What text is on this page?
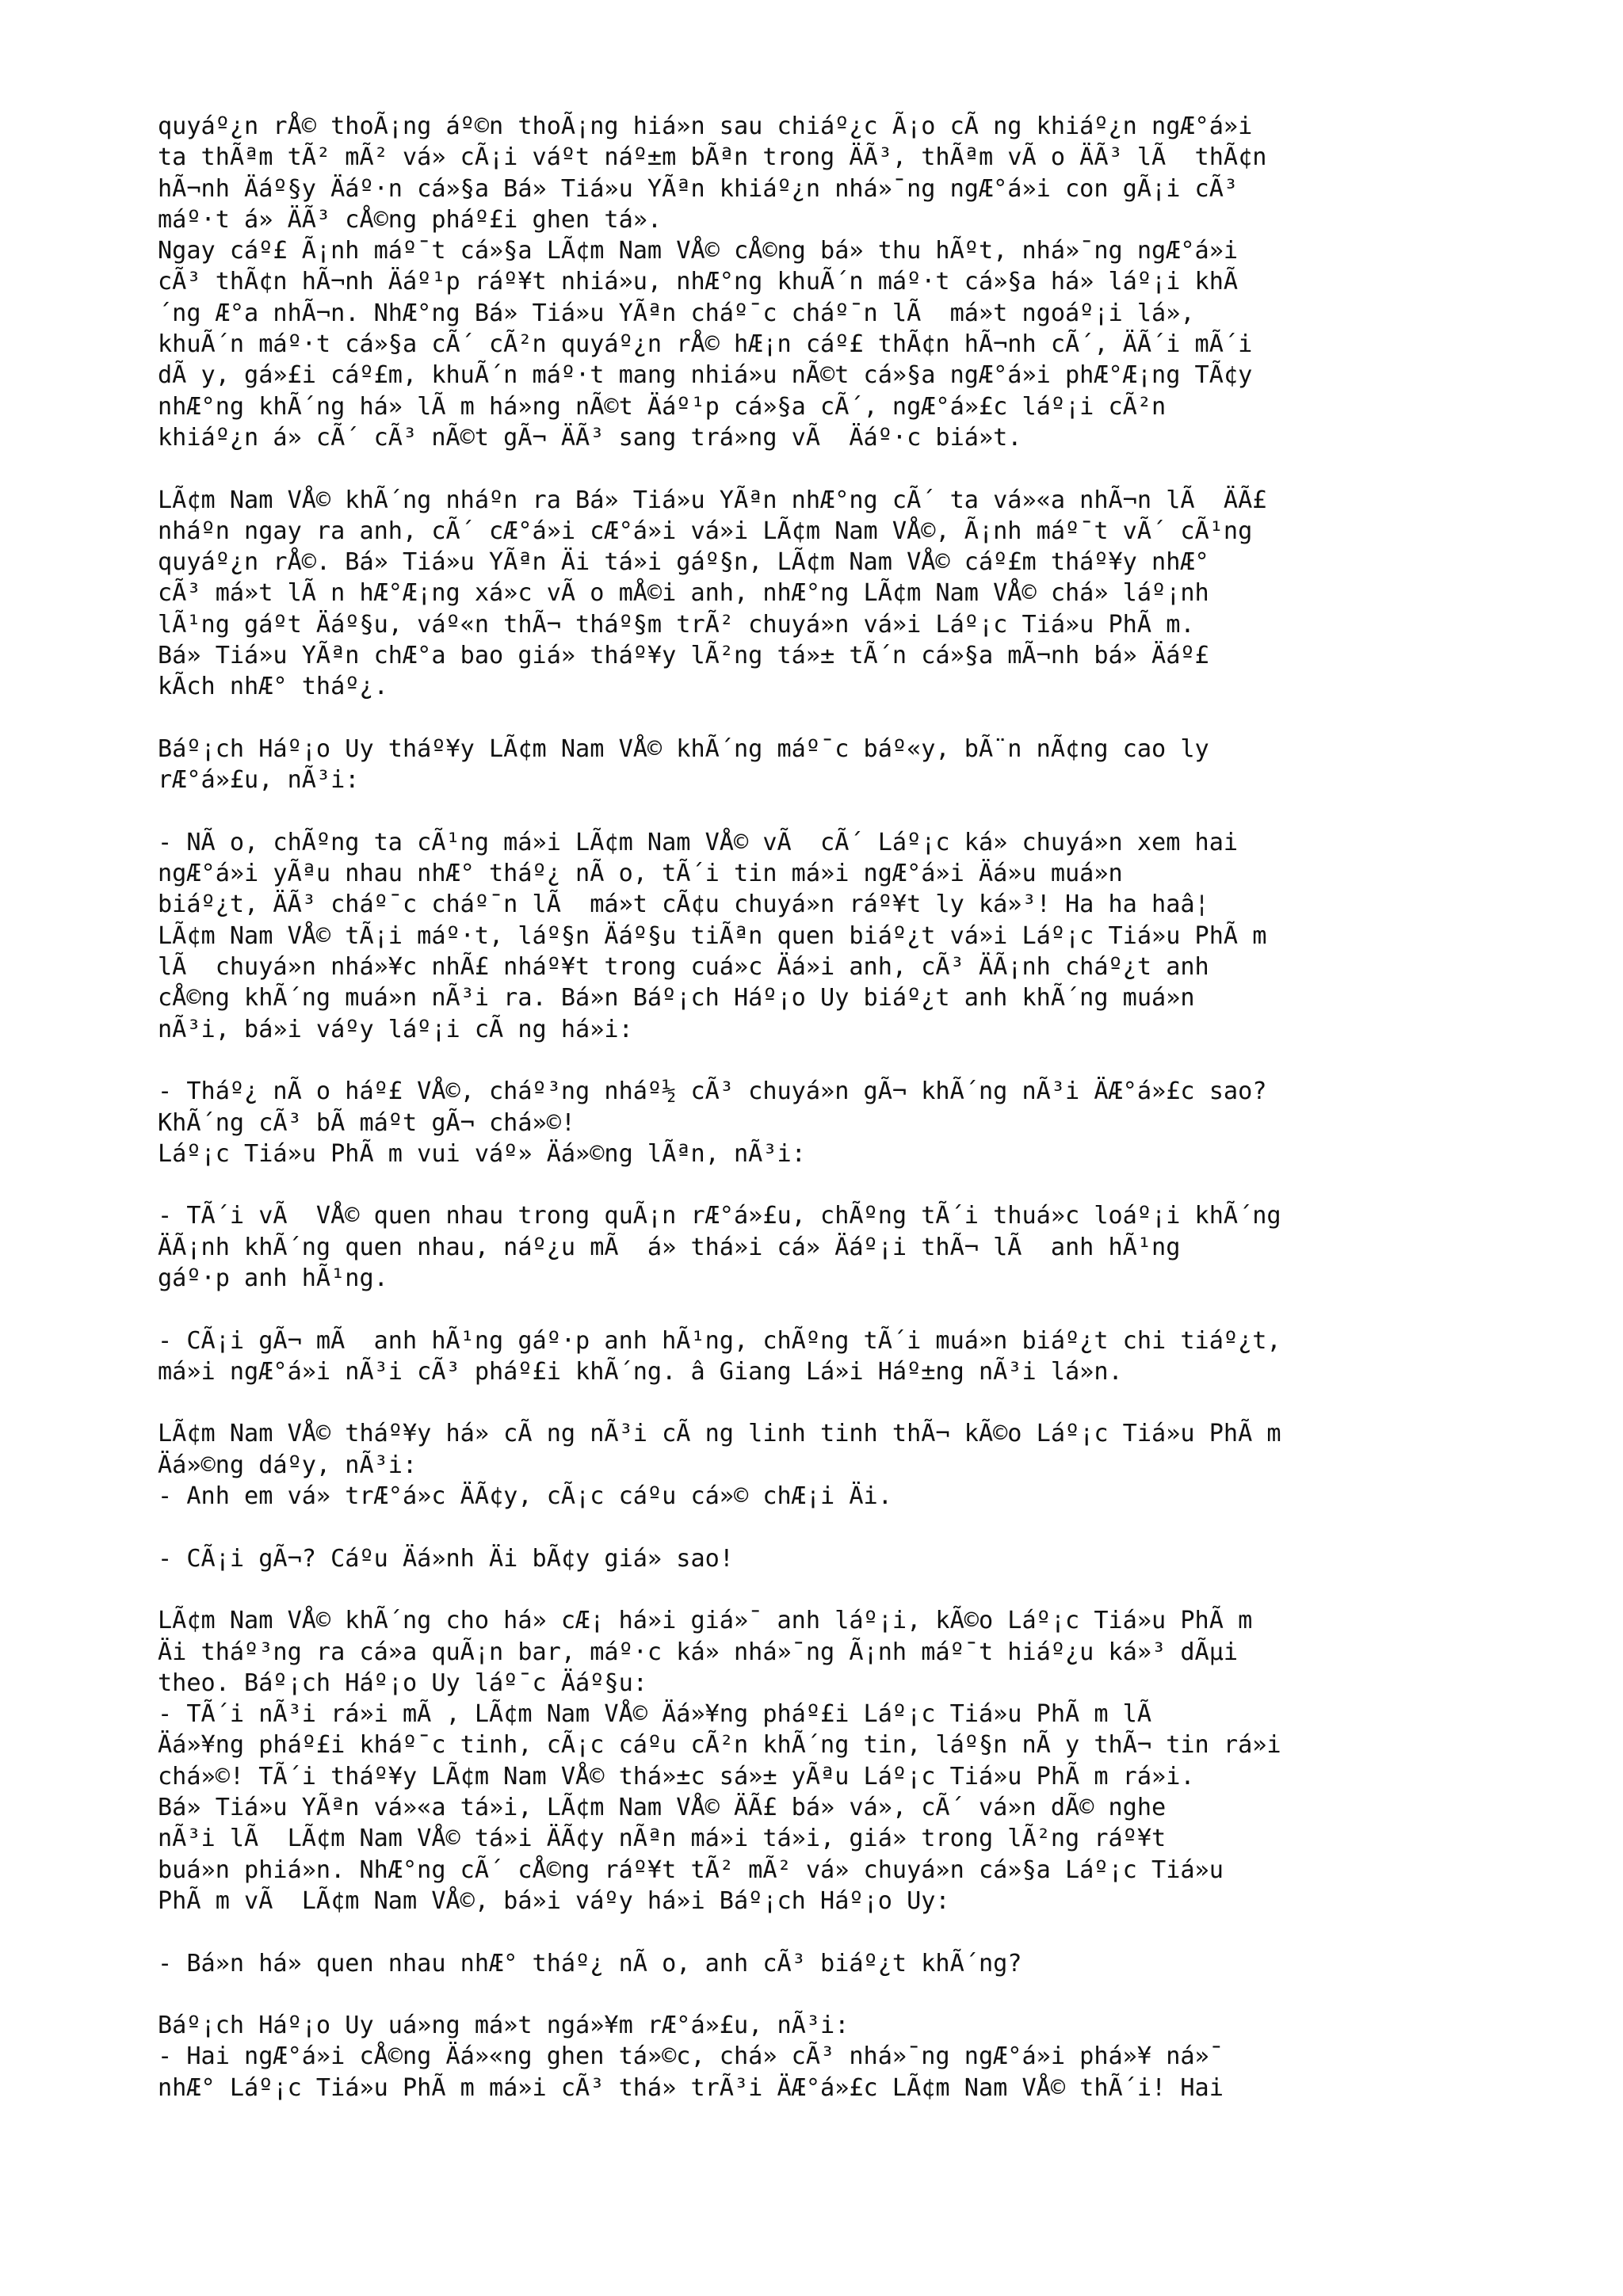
quyáº¿n rÅ© thoÃ¡ng áº©n thoÃ¡ng hiá»n sau chiáº¿c Ã¡o cÃ ng khiáº¿n ngÆ°á»i
ta thÃªm tÃ² mÃ² vá» cÃ¡i váºt náº±m bÃªn trong ÄÃ³, thÃªm vÃ o ÄÃ³ lÃ  thÃ¢n
hÃ¬nh Äáº§y Äáº·n cá»§a Bá» Tiá»u YÃªn khiáº¿n nhá»¯ng ngÆ°á»i con gÃ¡i cÃ³
máº·t á» ÄÃ³ cÅ©ng pháº£i ghen tá».
Ngay cáº£ Ã¡nh máº¯t cá»§a LÃ¢m Nam VÅ© cÅ©ng bá» thu hÃºt, nhá»¯ng ngÆ°á»i
cÃ³ thÃ¢n hÃ¬nh Äáº¹p ráº¥t nhiá»u, nhÆ°ng khuÃ´n máº·t cá»§a há» láº¡i khÃ
´ng Æ°a nhÃ¬n. NhÆ°ng Bá» Tiá»u YÃªn cháº¯c cháº¯n lÃ  má»t ngoáº¡i lá»,
khuÃ´n máº·t cá»§a cÃ´ cÃ²n quyáº¿n rÅ© hÆ¡n cáº£ thÃ¢n hÃ¬nh cÃ´, ÄÃ´i mÃ´i
dÃ y, gá»£i cáº£m, khuÃ´n máº·t mang nhiá»u nÃ©t cá»§a ngÆ°á»i phÆ°Æ¡ng TÃ¢y
nhÆ°ng khÃ´ng há» lÃ m há»ng nÃ©t Äáº¹p cá»§a cÃ´, ngÆ°á»£c láº¡i cÃ²n
khiáº¿n á» cÃ´ cÃ³ nÃ©t gÃ¬ ÄÃ³ sang trá»ng vÃ  Äáº·c biá»t.
LÃ¢m Nam VÅ© khÃ´ng nháºn ra Bá» Tiá»u YÃªn nhÆ°ng cÃ´ ta vá»«a nhÃ¬n lÃ  ÄÃ£
nháºn ngay ra anh, cÃ´ cÆ°á»i cÆ°á»i vá»i LÃ¢m Nam VÅ©, Ã¡nh máº¯t vÃ´ cÃ¹ng
quyáº¿n rÅ©. Bá» Tiá»u YÃªn Äi tá»i gáº§n, LÃ¢m Nam VÅ© cáº£m tháº¥y nhÆ°
cÃ³ má»t lÃ n hÆ°Æ¡ng xá»c vÃ o mÅ©i anh, nhÆ°ng LÃ¢m Nam VÅ© chá» láº¡nh
lÃ¹ng gáºt Äáº§u, váº«n thÃ¬ tháº§m trÃ² chuyá»n vá»i Láº¡c Tiá»u PhÃ m.
Bá» Tiá»u YÃªn chÆ°a bao giá» tháº¥y lÃ²ng tá»± tÃ´n cá»§a mÃ¬nh bá» Äáº£
kÃch nhÆ° tháº¿.
Báº¡ch Háº¡o Uy tháº¥y LÃ¢m Nam VÅ© khÃ´ng máº¯c báº«y, bÃ¨n nÃ¢ng cao ly
rÆ°á»£u, nÃ³i:
- NÃ o, chÃºng ta cÃ¹ng má»i LÃ¢m Nam VÅ© vÃ  cÃ´ Láº¡c ká» chuyá»n xem hai
ngÆ°á»i yÃªu nhau nhÆ° tháº¿ nÃ o, tÃ´i tin má»i ngÆ°á»i Äá»u muá»n
biáº¿t, ÄÃ³ cháº¯c cháº¯n lÃ  má»t cÃ¢u chuyá»n ráº¥t ly ká»³! Ha ha haâ¦
LÃ¢m Nam VÅ© tÃ¡i máº·t, láº§n Äáº§u tiÃªn quen biáº¿t vá»i Láº¡c Tiá»u PhÃ m
lÃ  chuyá»n nhá»¥c nhÃ£ nháº¥t trong cuá»c Äá»i anh, cÃ³ ÄÃ¡nh cháº¿t anh
cÅ©ng khÃ´ng muá»n nÃ³i ra. Bá»n Báº¡ch Háº¡o Uy biáº¿t anh khÃ´ng muá»n
nÃ³i, bá»i váºy láº¡i cÃ ng há»i:
- Tháº¿ nÃ o háº£ VÅ©, cháº³ng nháº½ cÃ³ chuyá»n gÃ¬ khÃ´ng nÃ³i ÄÆ°á»£c sao?
KhÃ´ng cÃ³ bÃ máºt gÃ¬ chá»©!
Láº¡c Tiá»u PhÃ m vui váº» Äá»©ng lÃªn, nÃ³i:
- TÃ´i vÃ  VÅ© quen nhau trong quÃ¡n rÆ°á»£u, chÃºng tÃ´i thuá»c loáº¡i khÃ´ng
ÄÃ¡nh khÃ´ng quen nhau, náº¿u mÃ  á» thá»i cá» Äáº¡i thÃ¬ lÃ  anh hÃ¹ng
gáº·p anh hÃ¹ng.
- CÃ¡i gÃ¬ mÃ  anh hÃ¹ng gáº·p anh hÃ¹ng, chÃºng tÃ´i muá»n biáº¿t chi tiáº¿t,
má»i ngÆ°á»i nÃ³i cÃ³ pháº£i khÃ´ng. â Giang Lá»i Háº±ng nÃ³i lá»n.
LÃ¢m Nam VÅ© tháº¥y há» cÃ ng nÃ³i cÃ ng linh tinh thÃ¬ kÃ©o Láº¡c Tiá»u PhÃ m
Äá»©ng dáºy, nÃ³i:
- Anh em vá» trÆ°á»c ÄÃ¢y, cÃ¡c cáºu cá»© chÆ¡i Äi.
- CÃ¡i gÃ¬? Cáºu Äá»nh Äi bÃ¢y giá» sao!
LÃ¢m Nam VÅ© khÃ´ng cho há» cÆ¡ há»i giá»¯ anh láº¡i, kÃ©o Láº¡c Tiá»u PhÃ m
Äi tháº³ng ra cá»a quÃ¡n bar, máº·c ká» nhá»¯ng Ã¡nh máº¯t hiáº¿u ká»³ dÃµi
theo. Báº¡ch Háº¡o Uy láº¯c Äáº§u:
- TÃ´i nÃ³i rá»i mÃ , LÃ¢m Nam VÅ© Äá»¥ng pháº£i Láº¡c Tiá»u PhÃ m lÃ
Äá»¥ng pháº£i kháº¯c tinh, cÃ¡c cáºu cÃ²n khÃ´ng tin, láº§n nÃ y thÃ¬ tin rá»i
chá»©! TÃ´i tháº¥y LÃ¢m Nam VÅ© thá»±c sá»± yÃªu Láº¡c Tiá»u PhÃ m rá»i.
Bá» Tiá»u YÃªn vá»«a tá»i, LÃ¢m Nam VÅ© ÄÃ£ bá» vá», cÃ´ vá»n dÃ© nghe
nÃ³i lÃ  LÃ¢m Nam VÅ© tá»i ÄÃ¢y nÃªn má»i tá»i, giá» trong lÃ²ng ráº¥t
buá»n phiá»n. NhÆ°ng cÃ´ cÅ©ng ráº¥t tÃ² mÃ² vá» chuyá»n cá»§a Láº¡c Tiá»u
PhÃ m vÃ  LÃ¢m Nam VÅ©, bá»i váºy há»i Báº¡ch Háº¡o Uy:
- Bá»n há» quen nhau nhÆ° tháº¿ nÃ o, anh cÃ³ biáº¿t khÃ´ng?
Báº¡ch Háº¡o Uy uá»ng má»t ngá»¥m rÆ°á»£u, nÃ³i:
- Hai ngÆ°á»i cÅ©ng Äá»«ng ghen tá»©c, chá» cÃ³ nhá»¯ng ngÆ°á»i phá»¥ ná»¯
nhÆ° Láº¡c Tiá»u PhÃ m má»i cÃ³ thá» trÃ³i ÄÆ°á»£c LÃ¢m Nam VÅ© thÃ´i! Hai
